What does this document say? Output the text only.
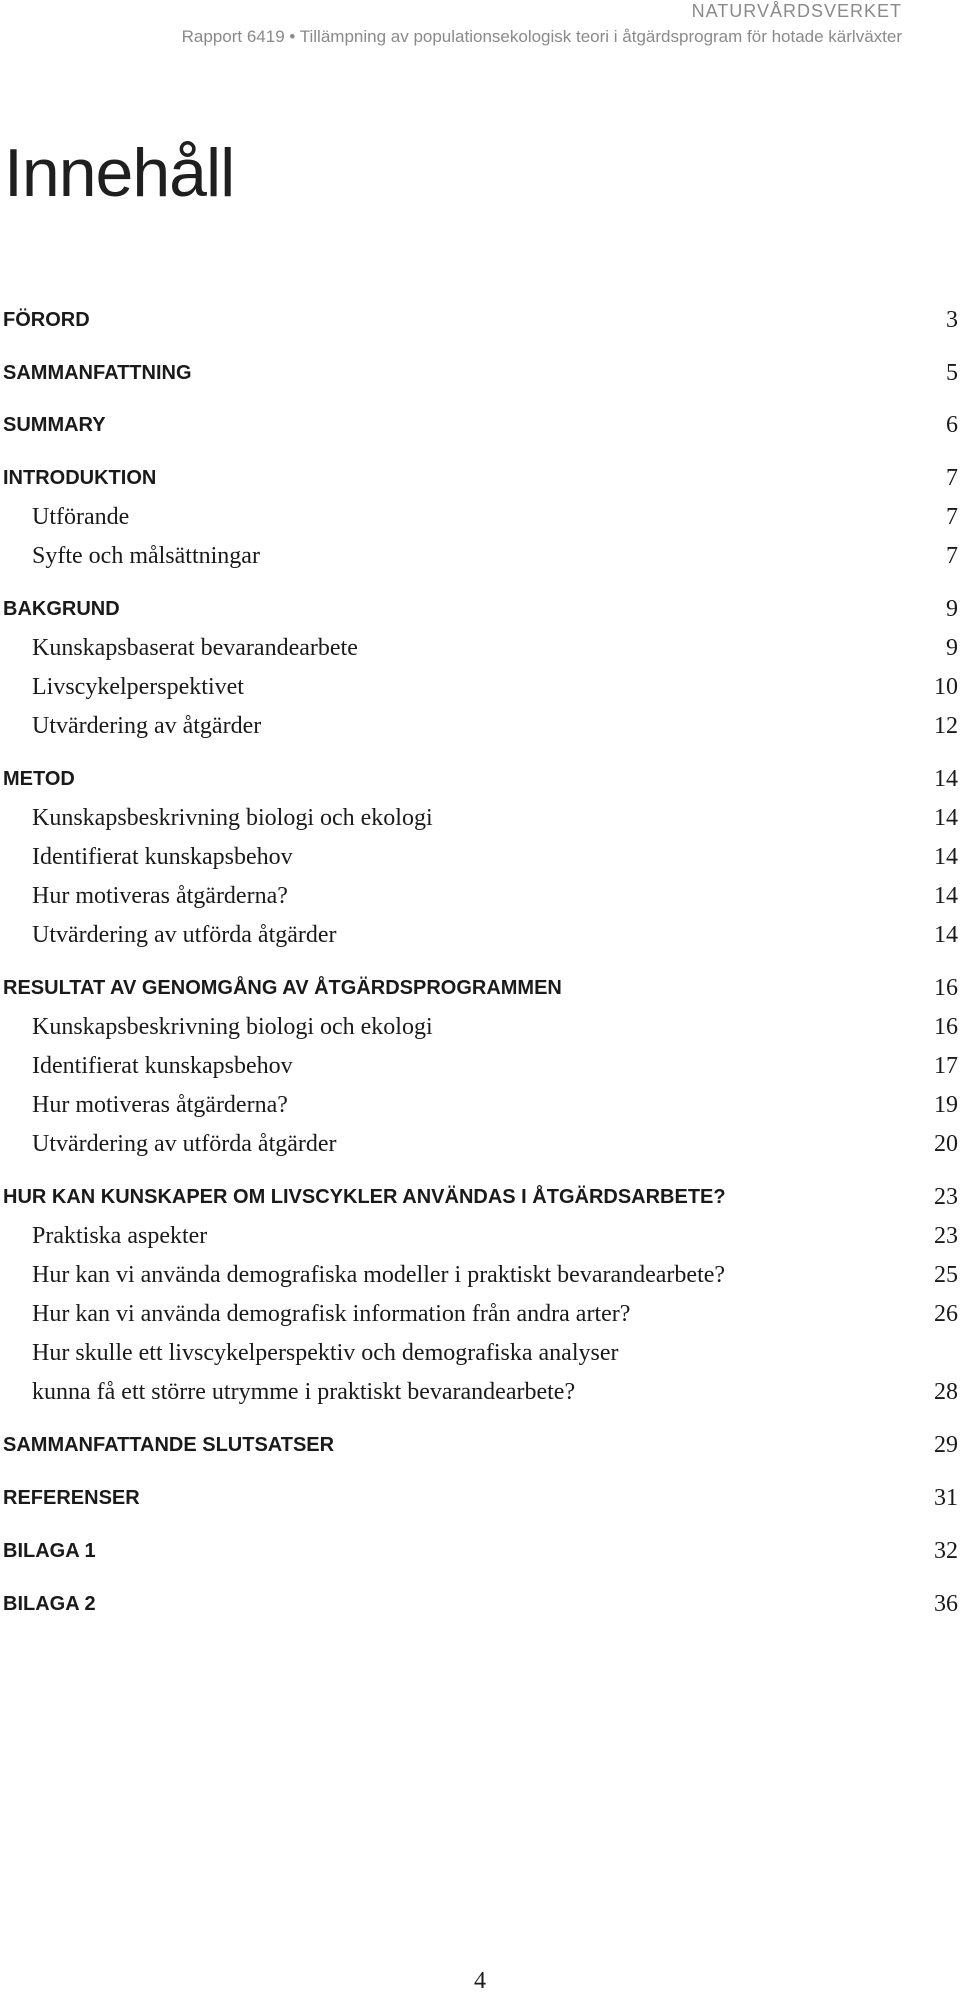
NATURVÅRDSVERKET
Rapport 6419 • Tillämpning av populationsekologisk teori i åtgärdsprogram för hotade kärlväxter
Innehåll
FÖRORD	3
SAMMANFATTNING	5
SUMMARY	6
INTRODUKTION	7
Utförande	7
Syfte och målsättningar	7
BAKGRUND	9
Kunskapsbaserat bevarandearbete	9
Livscykelperspektivet	10
Utvärdering av åtgärder	12
METOD	14
Kunskapsbeskrivning biologi och ekologi	14
Identifierat kunskapsbehov	14
Hur motiveras åtgärderna?	14
Utvärdering av utförda åtgärder	14
RESULTAT AV GENOMGÅNG AV ÅTGÄRDSPROGRAMMEN	16
Kunskapsbeskrivning biologi och ekologi	16
Identifierat kunskapsbehov	17
Hur motiveras åtgärderna?	19
Utvärdering av utförda åtgärder	20
HUR KAN KUNSKAPER OM LIVSCYKLER ANVÄNDAS I ÅTGÄRDSARBETE?	23
Praktiska aspekter	23
Hur kan vi använda demografiska modeller i praktiskt bevarandearbete?	25
Hur kan vi använda demografisk information från andra arter?	26
Hur skulle ett livscykelperspektiv och demografiska analyser
kunna få ett större utrymme i praktiskt bevarandearbete?	28
SAMMANFATTANDE SLUTSATSER	29
REFERENSER	31
BILAGA 1	32
BILAGA 2	36
4
